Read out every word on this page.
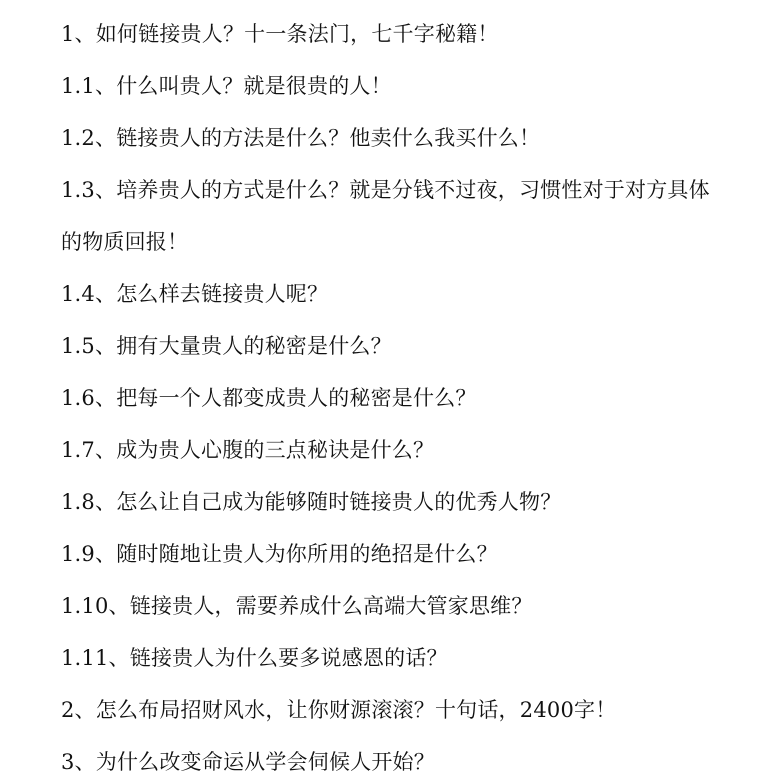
1、如何链接贵人？十一条法门，七千字秘籍！
1.1、什么叫贵人？就是很贵的人！
1.2、链接贵人的方法是什么？他卖什么我买什么！
1.3、培养贵人的方式是什么？就是分钱不过夜，习惯性对于对方具体
的物质回报！
1.4、怎么样去链接贵人呢？
1.5、拥有大量贵人的秘密是什么？
1.6、把每一个人都变成贵人的秘密是什么？
1.7、成为贵人心腹的三点秘诀是什么？
1.8、怎么让自己成为能够随时链接贵人的优秀人物？
1.9、随时随地让贵人为你所用的绝招是什么？
1.10、链接贵人，需要养成什么高端大管家思维？
1.11、链接贵人为什么要多说感恩的话？
2、怎么布局招财风水，让你财源滚滚？十句话，2400字！
3、为什么改变命运从学会伺候人开始？
